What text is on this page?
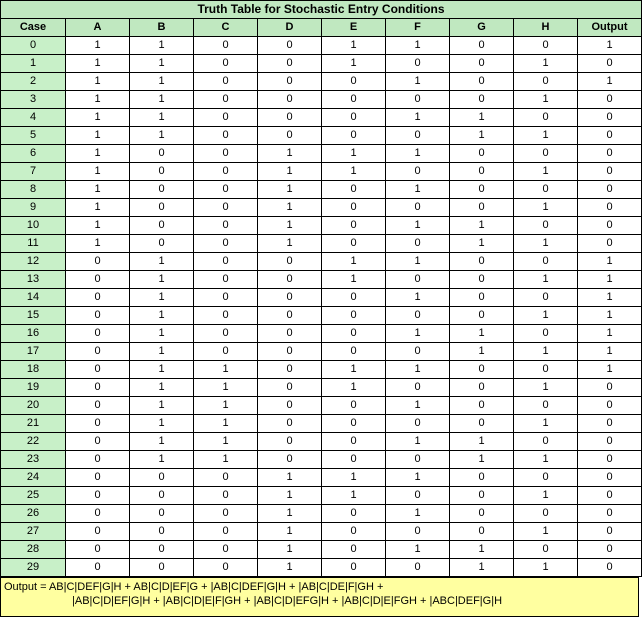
Truth Table for Stochastic Entry Conditions									
Case	A	B	C	D	E	F	G	H	Output
0	1	1	0	0	1	1	0	0	1
1	1	1	0	0	1	0	0	1	0
2	1	1	0	0	0	1	0	0	1
3	1	1	0	0	0	0	0	1	0
4	1	1	0	0	0	1	1	0	0
5	1	1	0	0	0	0	1	1	0
6	1	0	0	1	1	1	0	0	0
7	1	0	0	1	1	0	0	1	0
8	1	0	0	1	0	1	0	0	0
9	1	0	0	1	0	0	0	1	0
10	1	0	0	1	0	1	1	0	0
11	1	0	0	1	0	0	1	1	0
12	0	1	0	0	1	1	0	0	1
13	0	1	0	0	1	0	0	1	1
14	0	1	0	0	0	1	0	0	1
15	0	1	0	0	0	0	0	1	1
16	0	1	0	0	0	1	1	0	1
17	0	1	0	0	0	0	1	1	1
18	0	1	1	0	1	1	0	0	1
19	0	1	1	0	1	0	0	1	0
20	0	1	1	0	0	1	0	0	0
21	0	1	1	0	0	0	0	1	0
22	0	1	1	0	0	1	1	0	0
23	0	1	1	0	0	0	1	1	0
24	0	0	0	1	1	1	0	0	0
25	0	0	0	1	1	0	0	1	0
26	0	0	0	1	0	1	0	0	0
27	0	0	0	1	0	0	0	1	0
28	0	0	0	1	0	1	1	0	0
29	0	0	0	1	0	0	1	1	0
Output = AB|C|DEF|G|H + AB|C|D|EF|G + |AB|C|DEF|G|H + |AB|C|DE|F|GH +
|AB|C|D|EF|G|H + |AB|C|D|E|F|GH + |AB|C|D|EFG|H + |AB|C|D|E|FGH + |ABC|DEF|G|H
